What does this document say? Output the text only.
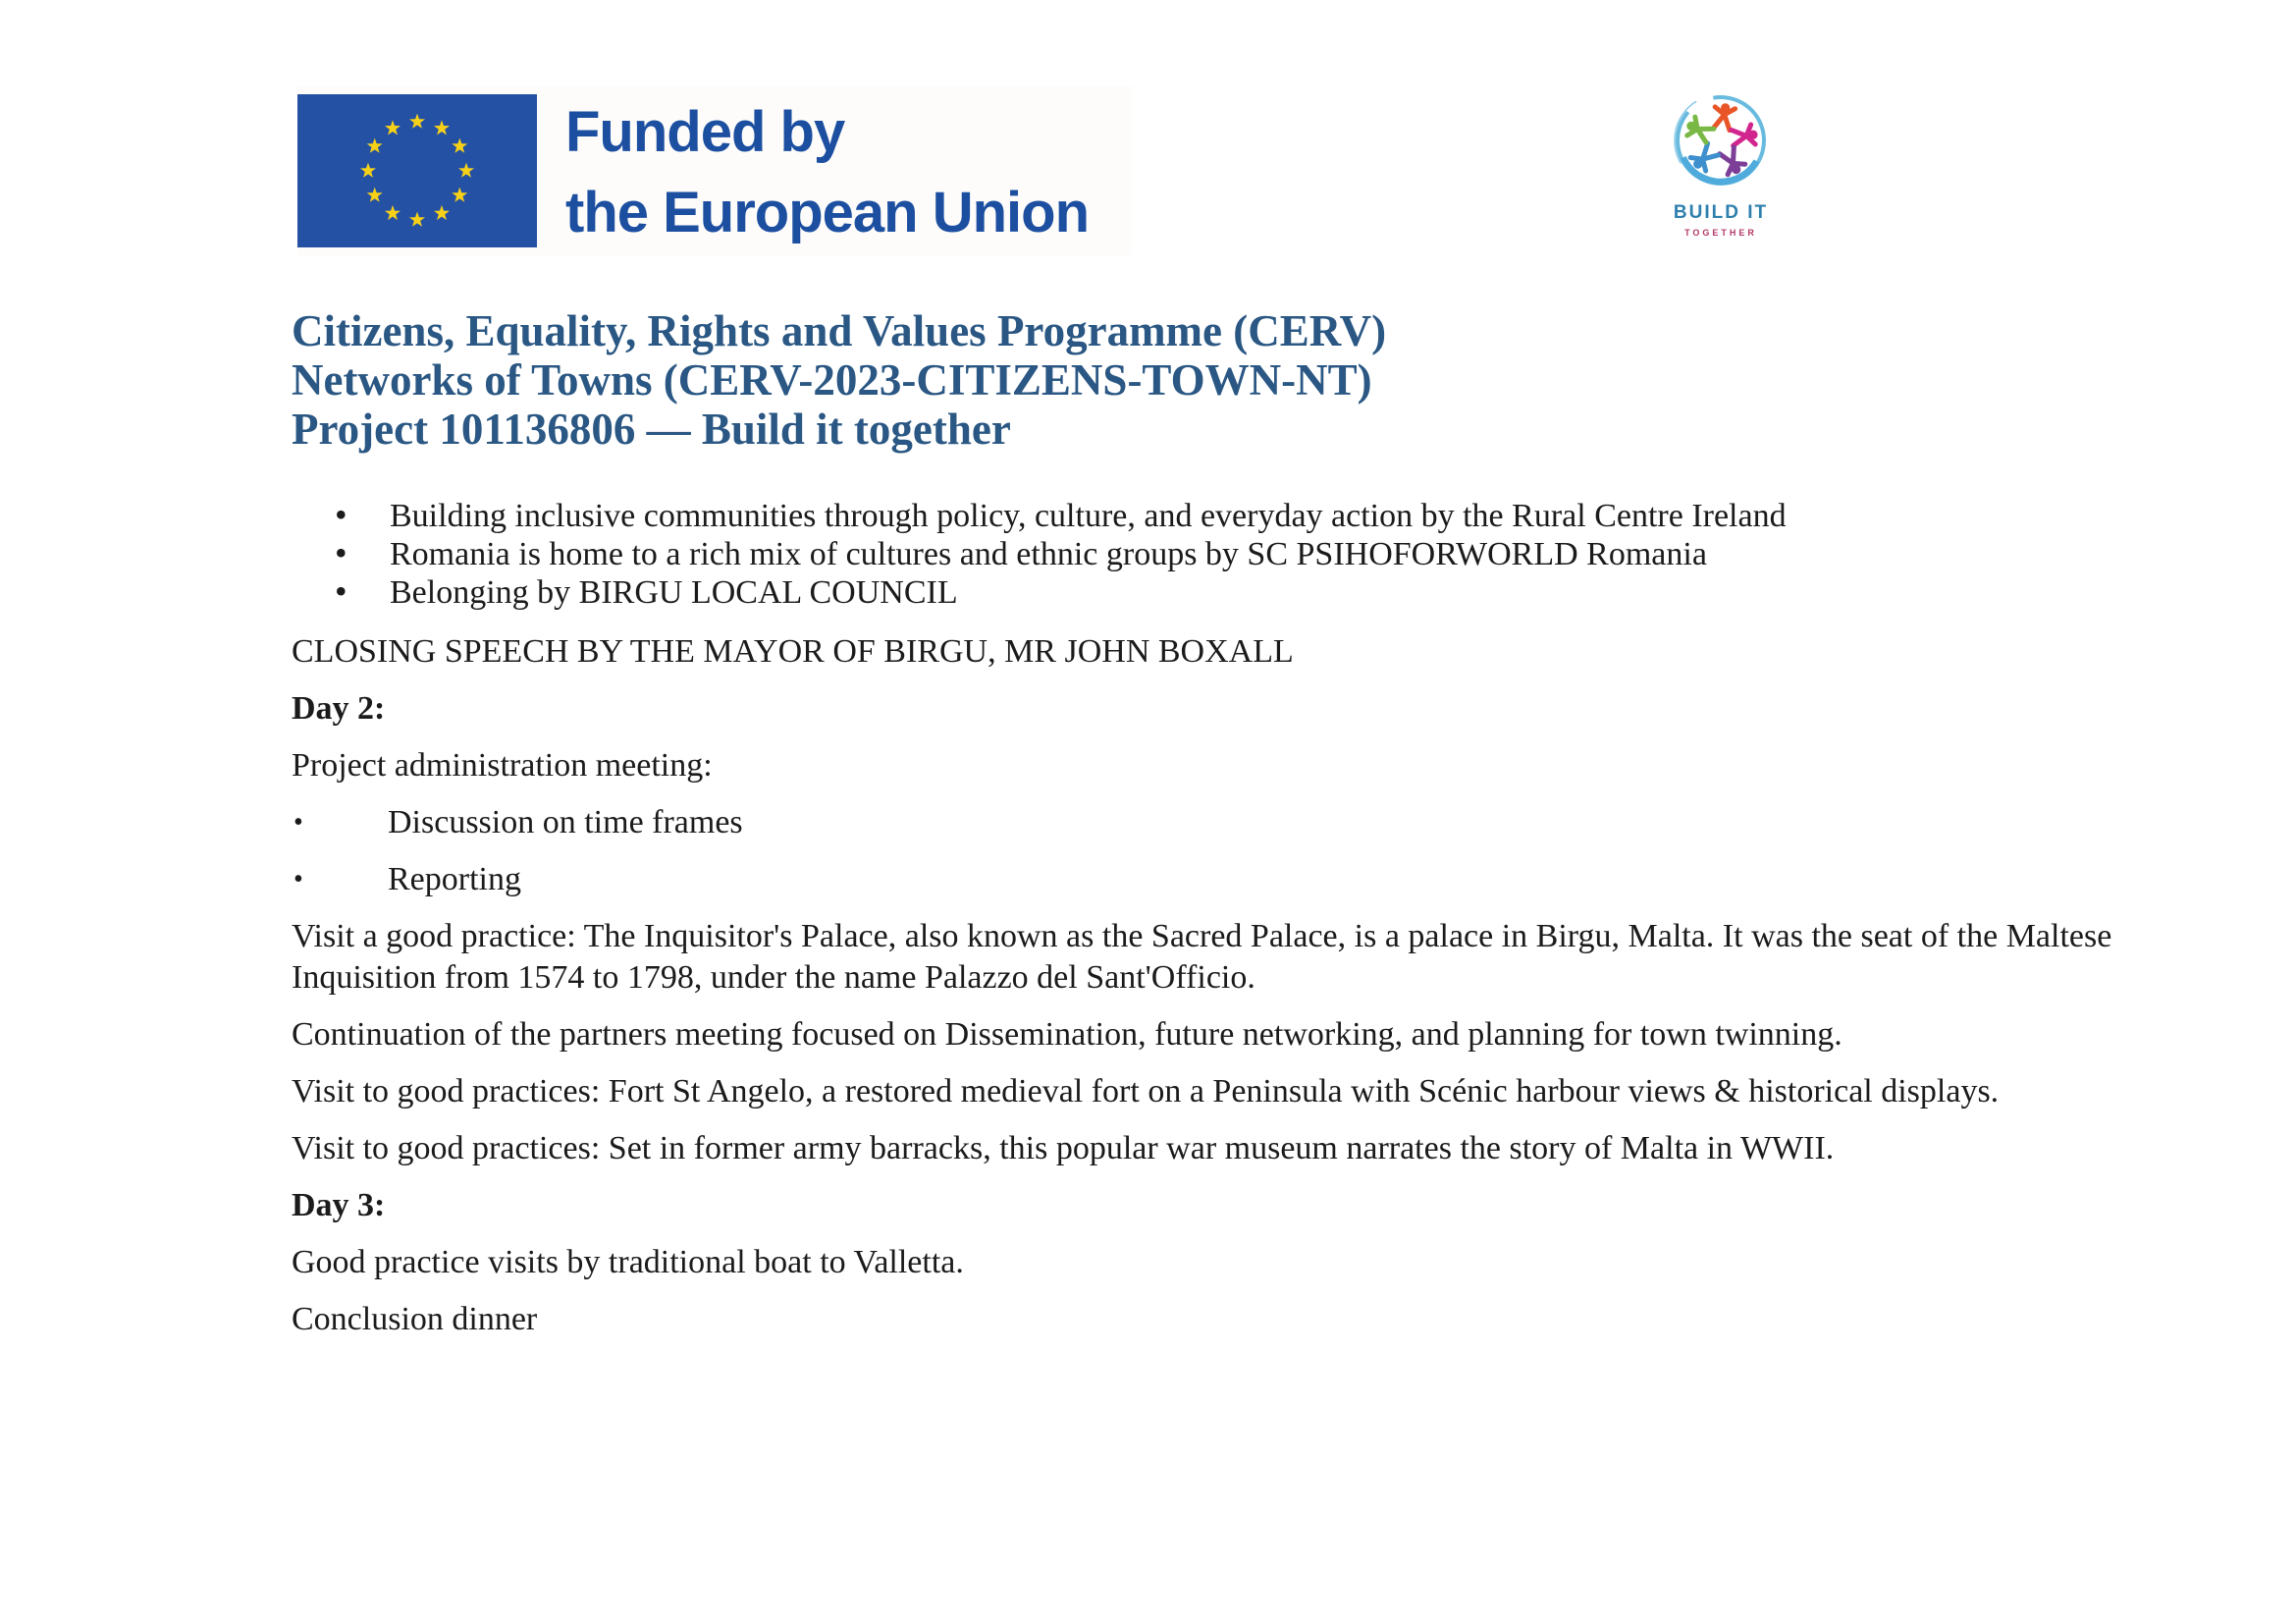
Funded by
the European Union	BUILD IT
TOGETHER
Citizens, Equality, Rights and Values Programme (CERV)
Networks of Towns (CERV-2023-CITIZENS-TOWN-NT)
Project 101136806 — Build it together
• Building inclusive communities through policy, culture, and everyday action by the Rural Centre Ireland
• Romania is home to a rich mix of cultures and ethnic groups by SC PSIHOFORWORLD Romania
• Belonging by BIRGU LOCAL COUNCIL

CLOSING SPEECH BY THE MAYOR OF BIRGU, MR JOHN BOXALL

Day 2:

Project administration meeting:

• Discussion on time frames
• Reporting

Visit a good practice: The Inquisitor's Palace, also known as the Sacred Palace, is a palace in Birgu, Malta. It was the seat of the Maltese Inquisition from 1574 to 1798, under the name Palazzo del Sant'Officio.

Continuation of the partners meeting focused on Dissemination, future networking, and planning for town twinning.

Visit to good practices: Fort St Angelo, a restored medieval fort on a Peninsula with Scénic harbour views & historical displays.

Visit to good practices: Set in former army barracks, this popular war museum narrates the story of Malta in WWII.

Day 3:

Good practice visits by traditional boat to Valletta.

Conclusion dinner
